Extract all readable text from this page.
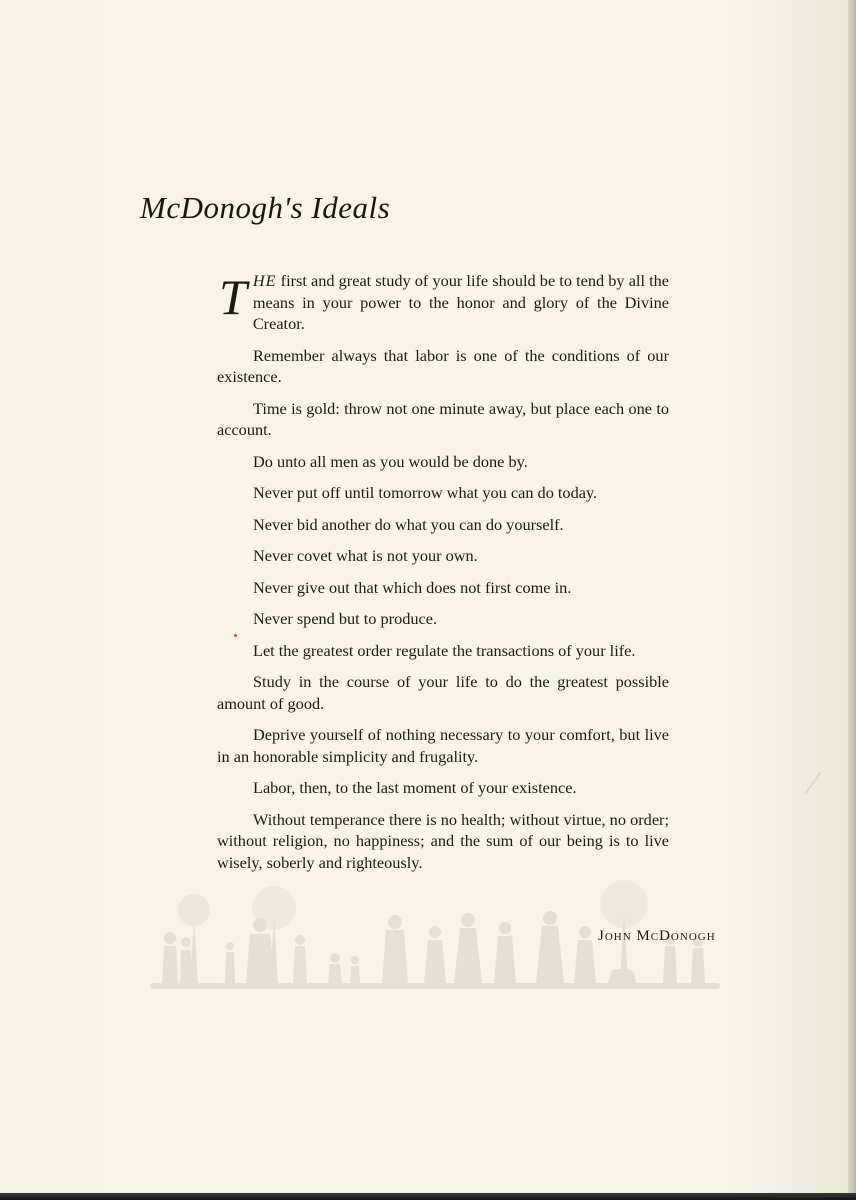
McDonogh's Ideals

THE first and great study of your life should be to tend by all the means in your power to the honor and glory of the Divine Creator.

Remember always that labor is one of the conditions of our existence.

Time is gold: throw not one minute away, but place each one to account.

Do unto all men as you would be done by.

Never put off until tomorrow what you can do today.

Never bid another do what you can do yourself.

Never covet what is not your own.

Never give out that which does not first come in.

Never spend but to produce.

Let the greatest order regulate the transactions of your life.

Study in the course of your life to do the greatest possible amount of good.

Deprive yourself of nothing necessary to your comfort, but live in an honorable simplicity and frugality.

Labor, then, to the last moment of your existence.

Without temperance there is no health; without virtue, no order; without religion, no happiness; and the sum of our being is to live wisely, soberly and righteously.

John McDonogh
